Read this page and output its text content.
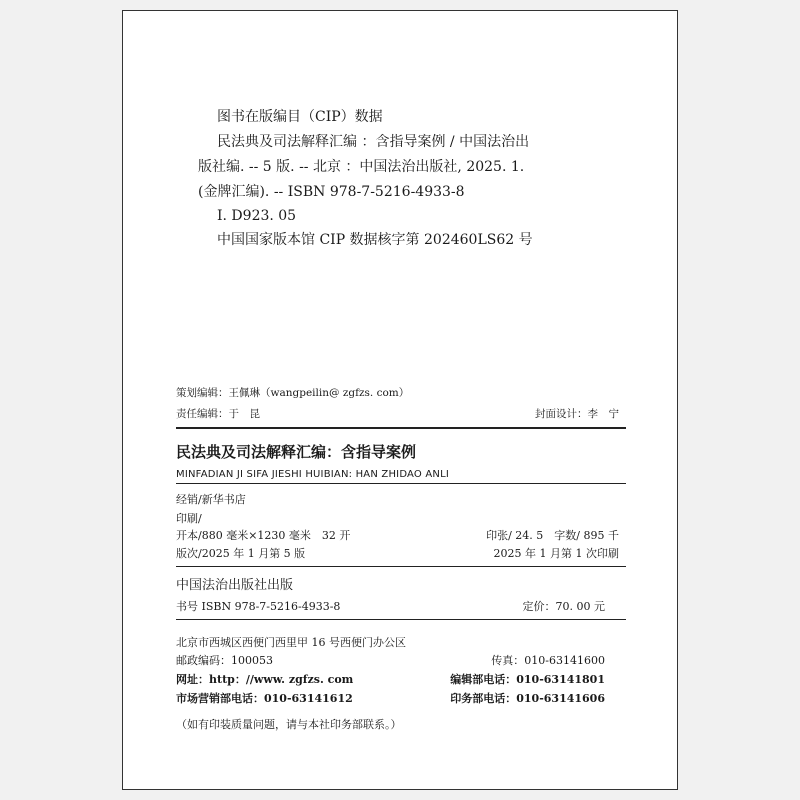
图书在版编目（CIP）数据
民法典及司法解释汇编 ：含指导案例 / 中国法治出
版社编. -- 5 版. -- 北京 ：中国法治出版社, 2025. 1.
(金牌汇编). -- ISBN 978-7-5216-4933-8
Ⅰ. D923. 05
中国国家版本馆 CIP 数据核字第 202460LS62 号
策划编辑：王佩琳（wangpeilin@ zgfzs. com）
责任编辑：于　昆	封面设计：李　宁
民法典及司法解释汇编：含指导案例
MINFADIAN JI SIFA JIESHI HUIBIAN: HAN ZHIDAO ANLI
经销/新华书店
印刷/
开本/880 毫米×1230 毫米　32 开	印张/ 24. 5　字数/ 895 千
版次/2025 年 1 月第 5 版	2025 年 1 月第 1 次印刷
中国法治出版社出版
书号 ISBN 978-7-5216-4933-8	定价：70. 00 元
北京市西城区西便门西里甲 16 号西便门办公区
邮政编码：100053	传真：010-63141600
网址：http：//www. zgfzs. com	编辑部电话：010-63141801
市场营销部电话：010-63141612	印务部电话：010-63141606
（如有印装质量问题，请与本社印务部联系。）
